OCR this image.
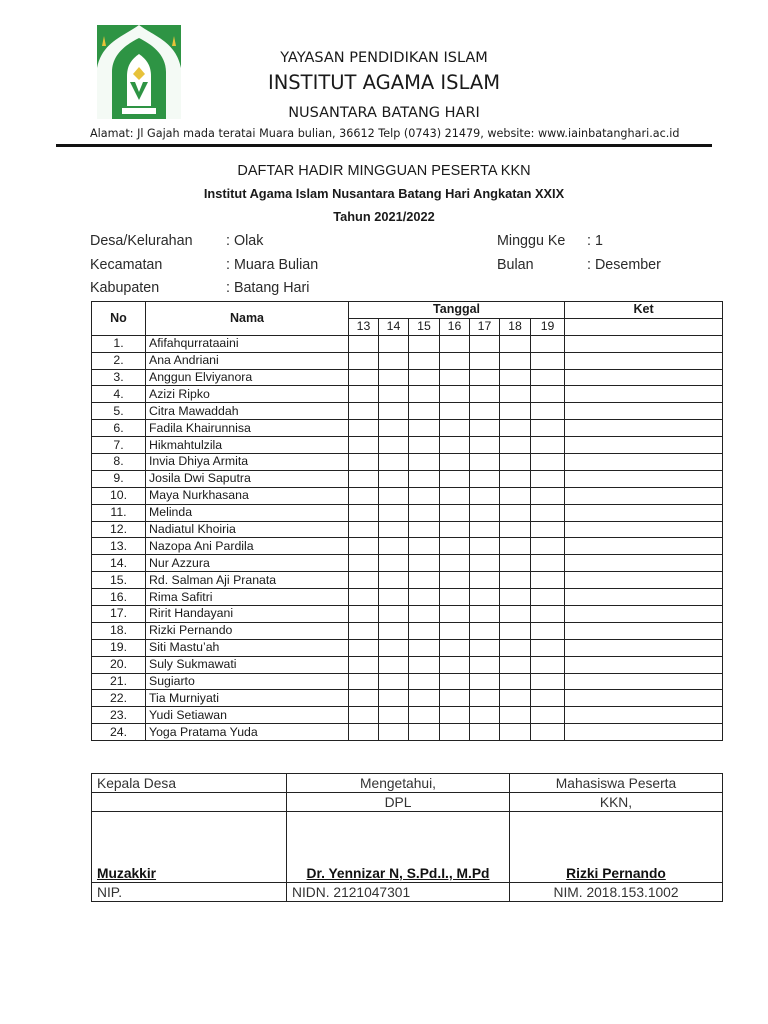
YAYASAN PENDIDIKAN ISLAM
INSTITUT AGAMA ISLAM
NUSANTARA BATANG HARI
Alamat: Jl Gajah mada teratai Muara bulian, 36612 Telp (0743) 21479, website: www.iainbatanghari.ac.id
DAFTAR HADIR MINGGUAN PESERTA KKN
Institut Agama Islam Nusantara Batang Hari Angkatan XXIX
Tahun 2021/2022
Desa/Kelurahan : Olak
Kecamatan	: Muara Bulian
Kabupaten	: Batang Hari
Minggu Ke : 1
Bulan	: Desember
No	Nama	Tanggal							Ket
		13	14	15	16	17	18	19	
1.	Afifahqurrataaini								
2.	Ana Andriani								
3.	Anggun Elviyanora								
4.	Azizi Ripko								
5.	Citra Mawaddah								
6.	Fadila Khairunnisa								
7.	Hikmahtulzila								
8.	Invia Dhiya Armita								
9.	Josila Dwi Saputra								
10.	Maya Nurkhasana								
11.	Melinda								
12.	Nadiatul Khoiria								
13.	Nazopa Ani Pardila								
14.	Nur Azzura								
15.	Rd. Salman Aji Pranata								
16.	Rima Safitri								
17.	Ririt Handayani								
18.	Rizki Pernando								
19.	Siti Mastu’ah								
20.	Suly Sukmawati								
21.	Sugiarto								
22.	Tia Murniyati								
23.	Yudi Setiawan								
24.	Yoga Pratama Yuda								
Kepala Desa	Mengetahui,	Mahasiswa Peserta
	DPL	KKN,
Muzakkir	Dr. Yennizar N, S.Pd.I., M.Pd	Rizki Pernando
NIP.	NIDN. 2121047301	NIM. 2018.153.1002
